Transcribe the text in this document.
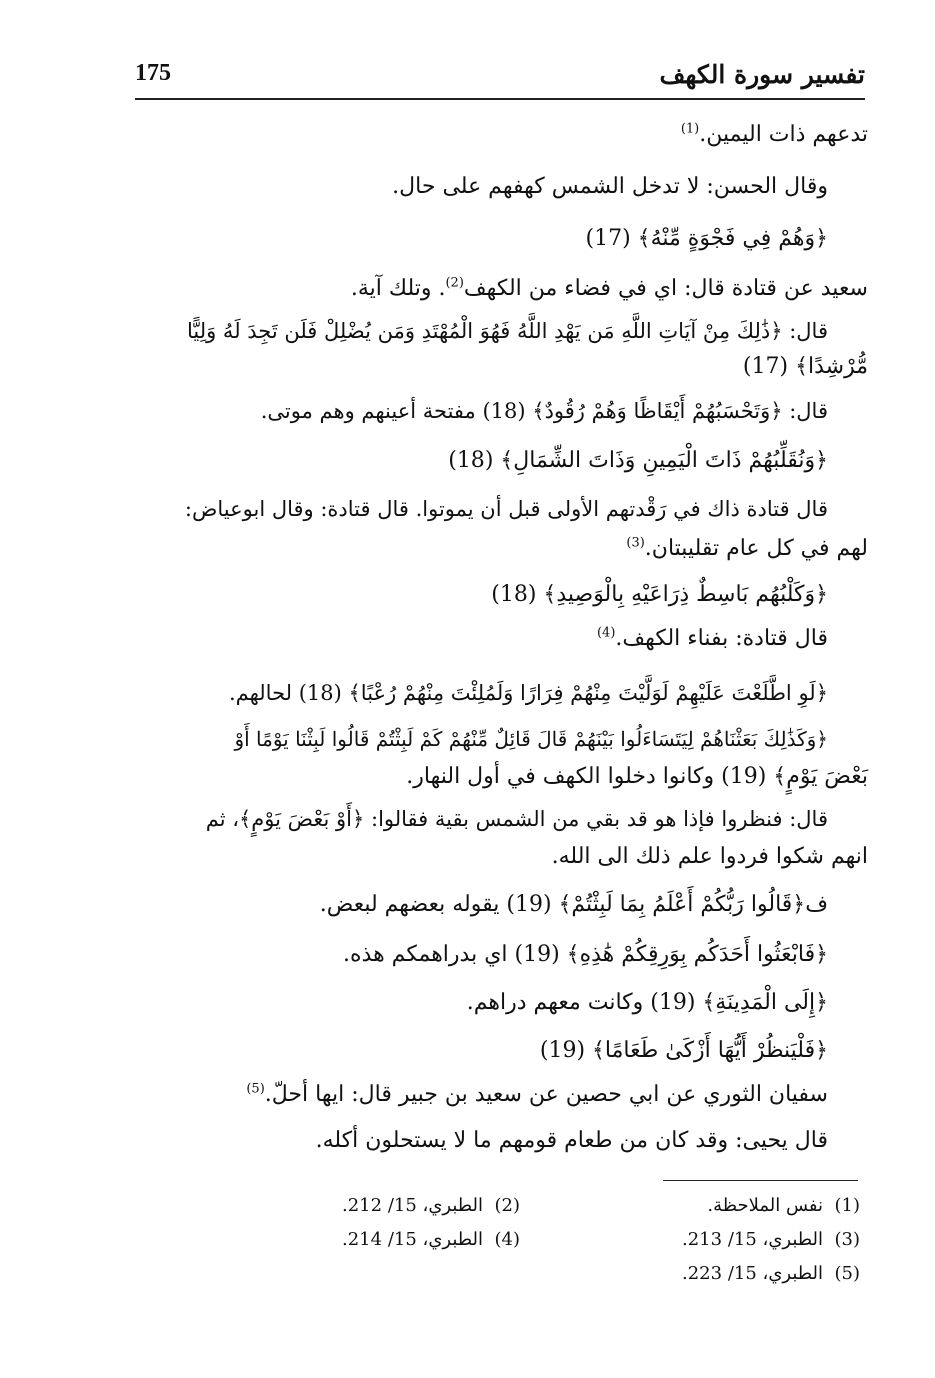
تفسير سورة الكهف
175
تدعهم ذات اليمين.$^{(1)}$
وقال الحسن: لا تدخل الشمس كهفهم على حال.
﴿وَهُمْ فِي فَجْوَةٍ مِّنْهُ﴾ (17)
سعيد عن قتادة قال: اي في فضاء من الكهف$^{(2)}$. وتلك آية.
قال: ﴿ذَٰلِكَ مِنْ آيَاتِ اللَّهِ مَن يَهْدِ اللَّهُ فَهُوَ الْمُهْتَدِ وَمَن يُضْلِلْ فَلَن تَجِدَ لَهُ وَلِيًّا
مُّرْشِدًا﴾ (17)
قال: ﴿وَتَحْسَبُهُمْ أَيْقَاظًا وَهُمْ رُقُودٌ﴾ (18) مفتحة أعينهم وهم موتى.
﴿وَنُقَلِّبُهُمْ ذَاتَ الْيَمِينِ وَذَاتَ الشِّمَالِ﴾ (18)
قال قتادة ذاك في رَقْدتهم الأولى قبل أن يموتوا. قال قتادة: وقال ابوعياض:
لهم في كل عام تقليبتان.$^{(3)}$
﴿وَكَلْبُهُم بَاسِطٌ ذِرَاعَيْهِ بِالْوَصِيدِ﴾ (18)
قال قتادة: بفناء الكهف.$^{(4)}$
﴿لَوِ اطَّلَعْتَ عَلَيْهِمْ لَوَلَّيْتَ مِنْهُمْ فِرَارًا وَلَمُلِئْتَ مِنْهُمْ رُعْبًا﴾ (18) لحالهم.
﴿وَكَذَٰلِكَ بَعَثْنَاهُمْ لِيَتَسَاءَلُوا بَيْنَهُمْ قَالَ قَائِلٌ مِّنْهُمْ كَمْ لَبِثْتُمْ قَالُوا لَبِثْنَا يَوْمًا أَوْ
بَعْضَ يَوْمٍ﴾ (19) وكانوا دخلوا الكهف في أول النهار.
قال: فنظروا فإذا هو قد بقي من الشمس بقية فقالوا: ﴿أَوْ بَعْضَ يَوْمٍ﴾، ثم
انهم شكوا فردوا علم ذلك الى الله.
ف﴿قَالُوا رَبُّكُمْ أَعْلَمُ بِمَا لَبِثْتُمْ﴾ (19) يقوله بعضهم لبعض.
﴿فَابْعَثُوا أَحَدَكُم بِوَرِقِكُمْ هَٰذِهِ﴾ (19) اي بدراهمكم هذه.
﴿إِلَى الْمَدِينَةِ﴾ (19) وكانت معهم دراهم.
﴿فَلْيَنظُرْ أَيُّهَا أَزْكَىٰ طَعَامًا﴾ (19)
سفيان الثوري عن ابي حصين عن سعيد بن جبير قال: ايها أحلّ.$^{(5)}$
قال يحيى: وقد كان من طعام قومهم ما لا يستحلون أكله.
(1)  نفس الملاحظة.
(2)  الطبري، 15/ 212.
(3)  الطبري، 15/ 213.
(4)  الطبري، 15/ 214.
(5)  الطبري، 15/ 223.
